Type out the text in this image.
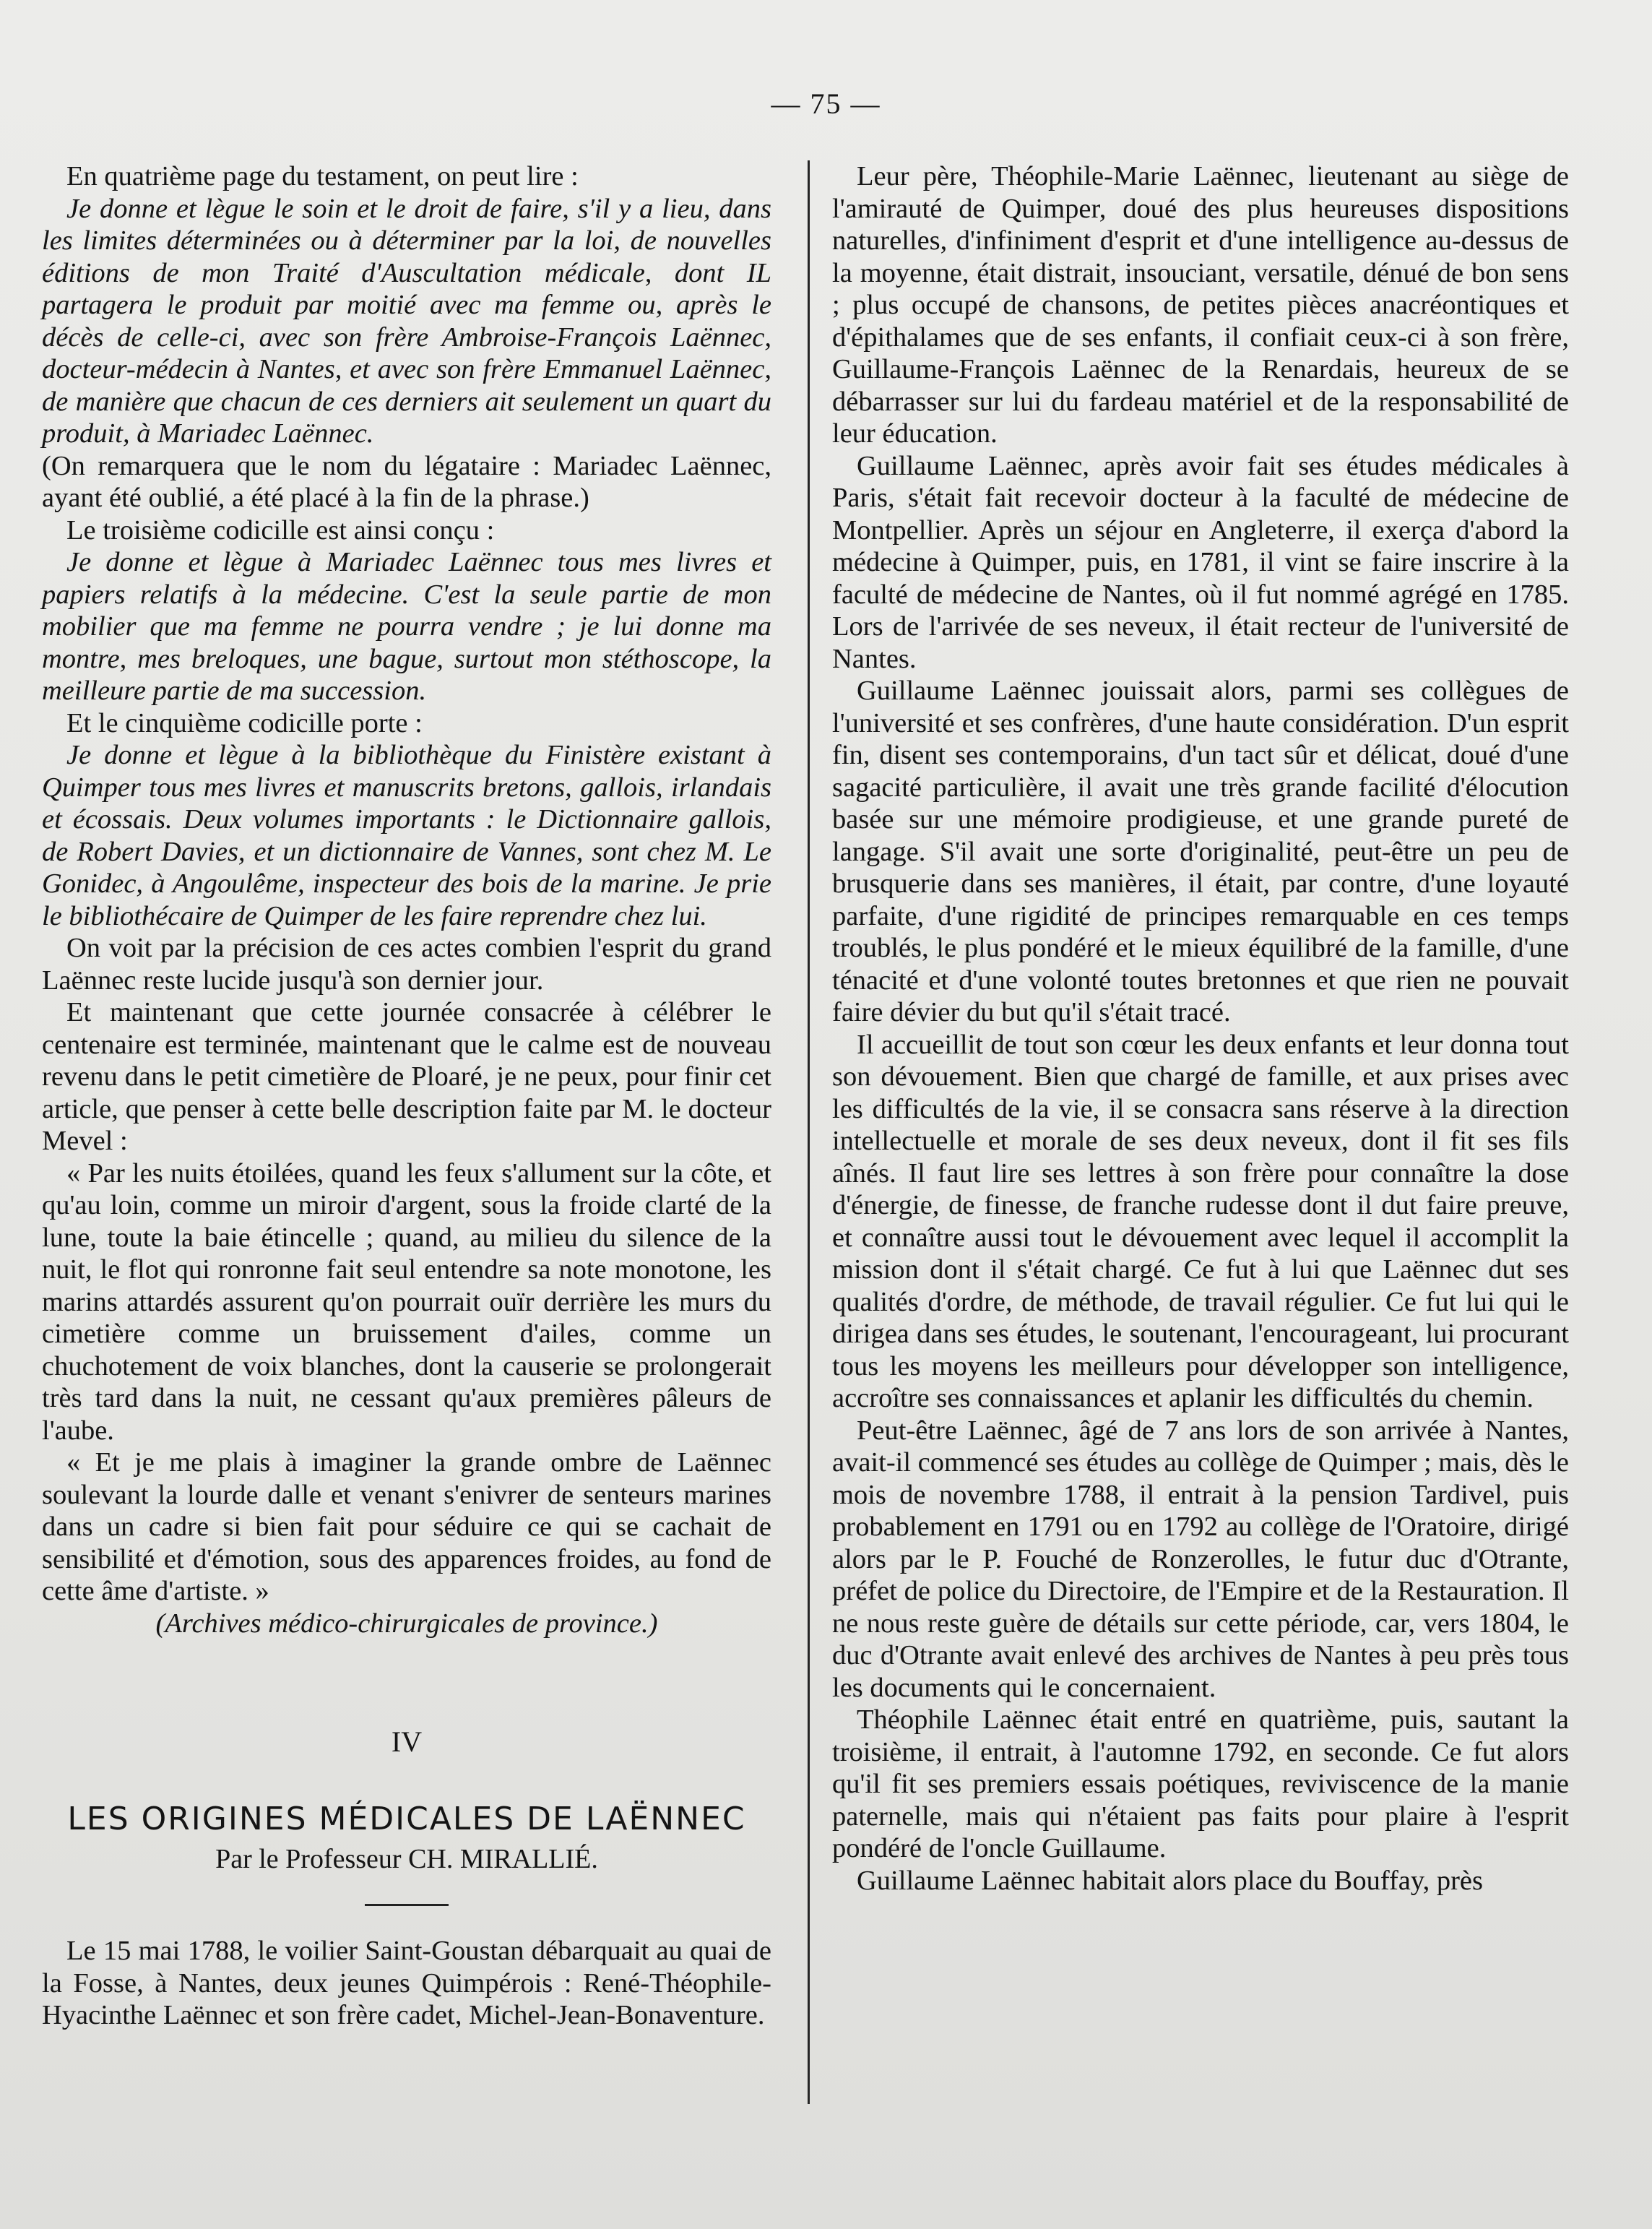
— 75 —

En quatrième page du testament, on peut lire :

Je donne et lègue le soin et le droit de faire, s'il y a lieu, dans les limites déterminées ou à déterminer par la loi, de nouvelles éditions de mon Traité d'Auscultation médicale, dont IL partagera le produit par moitié avec ma femme ou, après le décès de celle-ci, avec son frère Ambroise-François Laënnec, docteur-médecin à Nantes, et avec son frère Emmanuel Laënnec, de manière que chacun de ces derniers ait seulement un quart du produit, à Mariadec Laënnec.

(On remarquera que le nom du légataire : Mariadec Laënnec, ayant été oublié, a été placé à la fin de la phrase.)

Le troisième codicille est ainsi conçu :

Je donne et lègue à Mariadec Laënnec tous mes livres et papiers relatifs à la médecine. C'est la seule partie de mon mobilier que ma femme ne pourra vendre ; je lui donne ma montre, mes breloques, une bague, surtout mon stéthoscope, la meilleure partie de ma succession.

Et le cinquième codicille porte :

Je donne et lègue à la bibliothèque du Finistère existant à Quimper tous mes livres et manuscrits bretons, gallois, irlandais et écossais. Deux volumes importants : le Dictionnaire gallois, de Robert Davies, et un dictionnaire de Vannes, sont chez M. Le Gonidec, à Angoulême, inspecteur des bois de la marine. Je prie le bibliothécaire de Quimper de les faire reprendre chez lui.

On voit par la précision de ces actes combien l'esprit du grand Laënnec reste lucide jusqu'à son dernier jour.

Et maintenant que cette journée consacrée à célébrer le centenaire est terminée, maintenant que le calme est de nouveau revenu dans le petit cimetière de Ploaré, je ne peux, pour finir cet article, que penser à cette belle description faite par M. le docteur Mevel :

« Par les nuits étoilées, quand les feux s'allument sur la côte, et qu'au loin, comme un miroir d'argent, sous la froide clarté de la lune, toute la baie étincelle ; quand, au milieu du silence de la nuit, le flot qui ronronne fait seul entendre sa note monotone, les marins attardés assurent qu'on pourrait ouïr derrière les murs du cimetière comme un bruissement d'ailes, comme un chuchotement de voix blanches, dont la causerie se prolongerait très tard dans la nuit, ne cessant qu'aux premières pâleurs de l'aube.

« Et je me plais à imaginer la grande ombre de Laënnec soulevant la lourde dalle et venant s'enivrer de senteurs marines dans un cadre si bien fait pour séduire ce qui se cachait de sensibilité et d'émotion, sous des apparences froides, au fond de cette âme d'artiste. »

(Archives médico-chirurgicales de province.)

IV
LES ORIGINES MÉDICALES DE LAËNNEC
Par le Professeur CH. MIRALLIÉ.

Le 15 mai 1788, le voilier Saint-Goustan débarquait au quai de la Fosse, à Nantes, deux jeunes Quimpérois : René-Théophile-Hyacinthe Laënnec et son frère cadet, Michel-Jean-Bonaventure.

Leur père, Théophile-Marie Laënnec, lieutenant au siège de l'amirauté de Quimper, doué des plus heureuses dispositions naturelles, d'infiniment d'esprit et d'une intelligence au-dessus de la moyenne, était distrait, insouciant, versatile, dénué de bon sens ; plus occupé de chansons, de petites pièces anacréontiques et d'épithalames que de ses enfants, il confiait ceux-ci à son frère, Guillaume-François Laënnec de la Renardais, heureux de se débarrasser sur lui du fardeau matériel et de la responsabilité de leur éducation.

Guillaume Laënnec, après avoir fait ses études médicales à Paris, s'était fait recevoir docteur à la faculté de médecine de Montpellier. Après un séjour en Angleterre, il exerça d'abord la médecine à Quimper, puis, en 1781, il vint se faire inscrire à la faculté de médecine de Nantes, où il fut nommé agrégé en 1785. Lors de l'arrivée de ses neveux, il était recteur de l'université de Nantes.

Guillaume Laënnec jouissait alors, parmi ses collègues de l'université et ses confrères, d'une haute considération. D'un esprit fin, disent ses contemporains, d'un tact sûr et délicat, doué d'une sagacité particulière, il avait une très grande facilité d'élocution basée sur une mémoire prodigieuse, et une grande pureté de langage. S'il avait une sorte d'originalité, peut-être un peu de brusquerie dans ses manières, il était, par contre, d'une loyauté parfaite, d'une rigidité de principes remarquable en ces temps troublés, le plus pondéré et le mieux équilibré de la famille, d'une ténacité et d'une volonté toutes bretonnes et que rien ne pouvait faire dévier du but qu'il s'était tracé.

Il accueillit de tout son cœur les deux enfants et leur donna tout son dévouement. Bien que chargé de famille, et aux prises avec les difficultés de la vie, il se consacra sans réserve à la direction intellectuelle et morale de ses deux neveux, dont il fit ses fils aînés. Il faut lire ses lettres à son frère pour connaître la dose d'énergie, de finesse, de franche rudesse dont il dut faire preuve, et connaître aussi tout le dévouement avec lequel il accomplit la mission dont il s'était chargé. Ce fut à lui que Laënnec dut ses qualités d'ordre, de méthode, de travail régulier. Ce fut lui qui le dirigea dans ses études, le soutenant, l'encourageant, lui procurant tous les moyens les meilleurs pour développer son intelligence, accroître ses connaissances et aplanir les difficultés du chemin.

Peut-être Laënnec, âgé de 7 ans lors de son arrivée à Nantes, avait-il commencé ses études au collège de Quimper ; mais, dès le mois de novembre 1788, il entrait à la pension Tardivel, puis probablement en 1791 ou en 1792 au collège de l'Oratoire, dirigé alors par le P. Fouché de Ronzerolles, le futur duc d'Otrante, préfet de police du Directoire, de l'Empire et de la Restauration. Il ne nous reste guère de détails sur cette période, car, vers 1804, le duc d'Otrante avait enlevé des archives de Nantes à peu près tous les documents qui le concernaient.

Théophile Laënnec était entré en quatrième, puis, sautant la troisième, il entrait, à l'automne 1792, en seconde. Ce fut alors qu'il fit ses premiers essais poétiques, reviviscence de la manie paternelle, mais qui n'étaient pas faits pour plaire à l'esprit pondéré de l'oncle Guillaume.

Guillaume Laënnec habitait alors place du Bouffay, près
